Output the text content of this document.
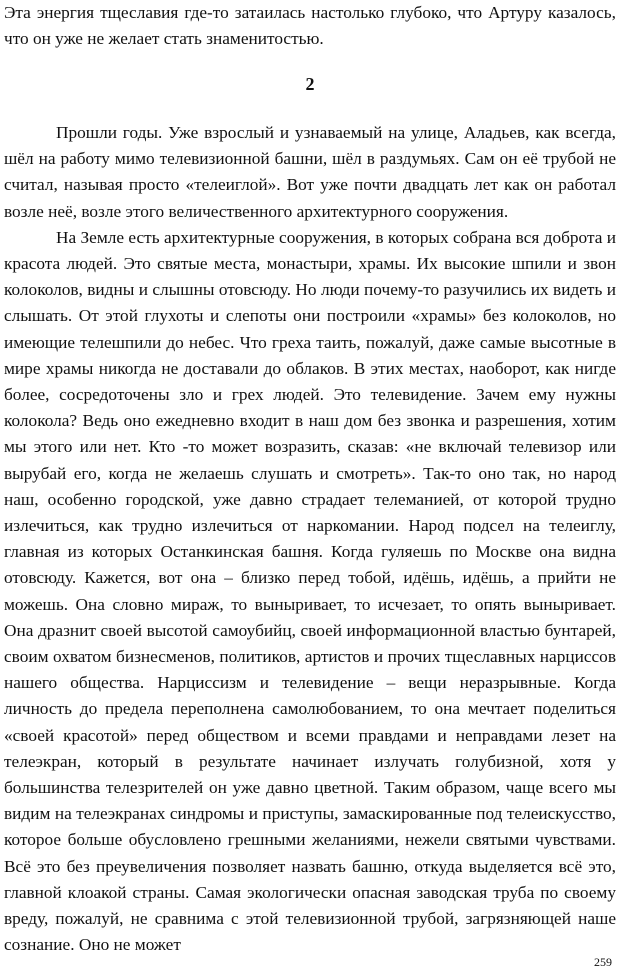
Эта энергия тщеславия где-то затаилась настолько глубоко, что Артуру казалось, что он уже не желает стать знаменитостью.

2

Прошли годы. Уже взрослый и узнаваемый на улице, Аладьев, как всегда, шёл на работу мимо телевизионной башни, шёл в раздумьях. Сам он её трубой не считал, называя просто «телеиглой». Вот уже почти двадцать лет как он работал возле неё, возле этого величественного архитектурного сооружения.

На Земле есть архитектурные сооружения, в которых собрана вся доброта и красота людей. Это святые места, монастыри, храмы. Их высокие шпили и звон колоколов, видны и слышны отовсюду. Но люди почему-то разучились их видеть и слышать. От этой глухоты и слепоты они построили «храмы» без колоколов, но имеющие телешпили до небес. Что греха таить, пожалуй, даже самые высотные в мире храмы никогда не доставали до облаков. В этих местах, наоборот, как нигде более, сосредоточены зло и грех людей. Это телевидение. Зачем ему нужны колокола? Ведь оно ежедневно входит в наш дом без звонка и разрешения, хотим мы этого или нет. Кто -то может возразить, сказав: «не включай телевизор или вырубай его, когда не желаешь слушать и смотреть». Так-то оно так, но народ наш, особенно городской, уже давно страдает телеманией, от которой трудно излечиться, как трудно излечиться от наркомании. Народ подсел на телеиглу, главная из которых Останкинская башня. Когда гуляешь по Москве она видна отовсюду. Кажется, вот она – близко перед тобой, идёшь, идёшь, а прийти не можешь. Она словно мираж, то выныривает, то исчезает, то опять выныривает. Она дразнит своей высотой самоубийц, своей информационной властью бунтарей, своим охватом бизнесменов, политиков, артистов и прочих тщеславных нарциссов нашего общества. Нарциссизм и телевидение – вещи неразрывные. Когда личность до предела переполнена самолюбованием, то она мечтает поделиться «своей красотой» перед обществом и всеми правдами и неправдами лезет на телеэкран, который в результате начинает излучать голубизной, хотя у большинства телезрителей он уже давно цветной. Таким образом, чаще всего мы видим на телеэкранах синдромы и приступы, замаскированные под телеискусство, которое больше обусловлено грешными желаниями, нежели святыми чувствами. Всё это без преувеличения позволяет назвать башню, откуда выделяется всё это, главной клоакой страны. Самая экологически опасная заводская труба по своему вреду, пожалуй, не сравнима с этой телевизионной трубой, загрязняющей наше сознание. Оно не может

259
